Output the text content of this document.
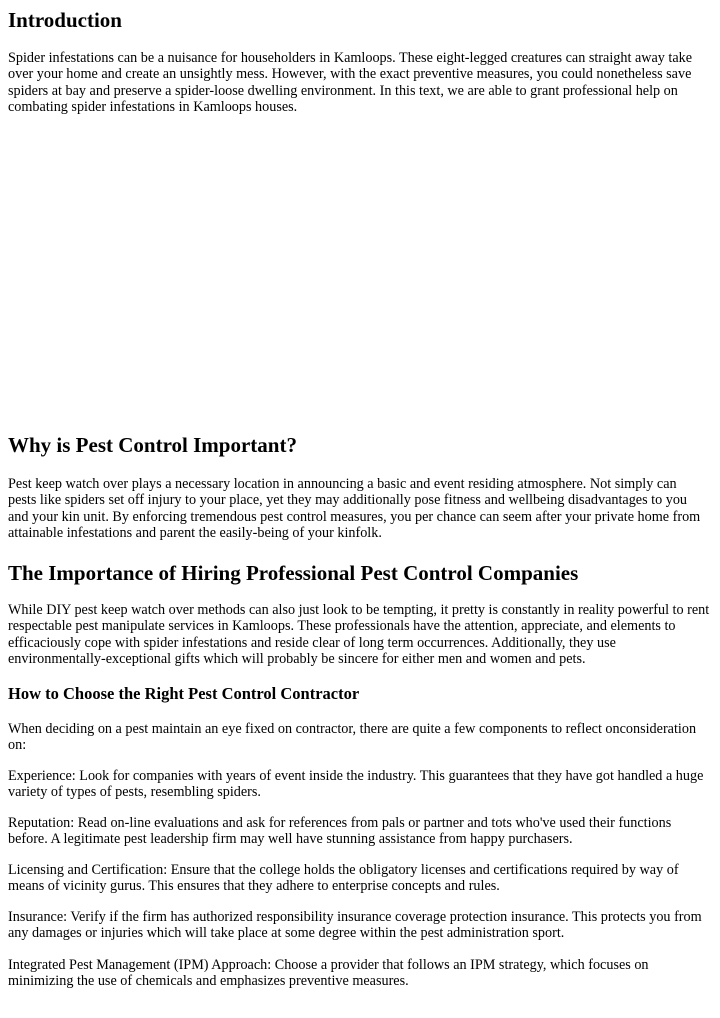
Introduction

Spider infestations can be a nuisance for householders in Kamloops. These eight-legged creatures can straight away take over your home and create an unsightly mess. However, with the exact preventive measures, you could nonetheless save spiders at bay and preserve a spider-loose dwelling environment. In this text, we are able to grant professional help on combating spider infestations in Kamloops houses.

Why is Pest Control Important?

Pest keep watch over plays a necessary location in announcing a basic and event residing atmosphere. Not simply can pests like spiders set off injury to your place, yet they may additionally pose fitness and wellbeing disadvantages to you and your kin unit. By enforcing tremendous pest control measures, you per chance can seem after your private home from attainable infestations and parent the easily-being of your kinfolk.

The Importance of Hiring Professional Pest Control Companies

While DIY pest keep watch over methods can also just look to be tempting, it pretty is constantly in reality powerful to rent respectable pest manipulate services in Kamloops. These professionals have the attention, appreciate, and elements to efficaciously cope with spider infestations and reside clear of long term occurrences. Additionally, they use environmentally-exceptional gifts which will probably be sincere for either men and women and pets.

How to Choose the Right Pest Control Contractor

When deciding on a pest maintain an eye fixed on contractor, there are quite a few components to reflect onconsideration on:

Experience: Look for companies with years of event inside the industry. This guarantees that they have got handled a huge variety of types of pests, resembling spiders.

Reputation: Read on-line evaluations and ask for references from pals or partner and tots who've used their functions before. A legitimate pest leadership firm may well have stunning assistance from happy purchasers.

Licensing and Certification: Ensure that the college holds the obligatory licenses and certifications required by way of means of vicinity gurus. This ensures that they adhere to enterprise concepts and rules.

Insurance: Verify if the firm has authorized responsibility insurance coverage protection insurance. This protects you from any damages or injuries which will take place at some degree within the pest administration sport.

Integrated Pest Management (IPM) Approach: Choose a provider that follows an IPM strategy, which focuses on minimizing the use of chemicals and emphasizes preventive measures.
